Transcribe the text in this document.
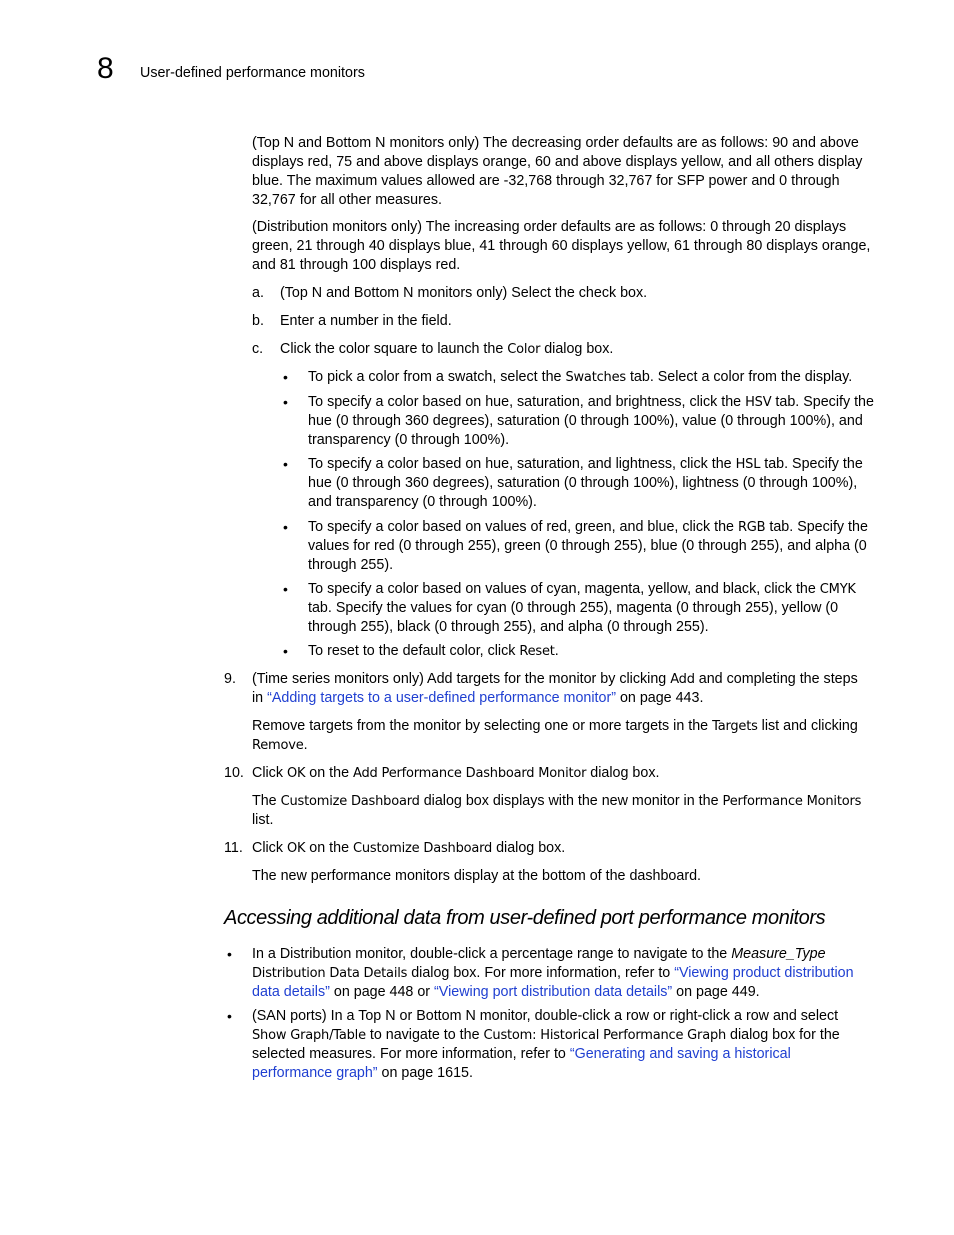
8 User-defined performance monitors
(Top N and Bottom N monitors only) The decreasing order defaults are as follows: 90 and above displays red, 75 and above displays orange, 60 and above displays yellow, and all others display blue. The maximum values allowed are -32,768 through 32,767 for SFP power and 0 through 32,767 for all other measures.
(Distribution monitors only) The increasing order defaults are as follows: 0 through 20 displays green, 21 through 40 displays blue, 41 through 60 displays yellow, 61 through 80 displays orange, and 81 through 100 displays red.
a.	(Top N and Bottom N monitors only) Select the check box.
b.	Enter a number in the field.
c.	Click the color square to launch the Color dialog box.
•	To pick a color from a swatch, select the Swatches tab. Select a color from the display.
•	To specify a color based on hue, saturation, and brightness, click the HSV tab. Specify the hue (0 through 360 degrees), saturation (0 through 100%), value (0 through 100%), and transparency (0 through 100%).
•	To specify a color based on hue, saturation, and lightness, click the HSL tab. Specify the hue (0 through 360 degrees), saturation (0 through 100%), lightness (0 through 100%), and transparency (0 through 100%).
•	To specify a color based on values of red, green, and blue, click the RGB tab. Specify the values for red (0 through 255), green (0 through 255), blue (0 through 255), and alpha (0 through 255).
•	To specify a color based on values of cyan, magenta, yellow, and black, click the CMYK tab. Specify the values for cyan (0 through 255), magenta (0 through 255), yellow (0 through 255), black (0 through 255), and alpha (0 through 255).
•	To reset to the default color, click Reset.
9.	(Time series monitors only) Add targets for the monitor by clicking Add and completing the steps in “Adding targets to a user-defined performance monitor” on page 443.
Remove targets from the monitor by selecting one or more targets in the Targets list and clicking Remove.
10. Click OK on the Add Performance Dashboard Monitor dialog box.
The Customize Dashboard dialog box displays with the new monitor in the Performance Monitors list.
11. Click OK on the Customize Dashboard dialog box.
The new performance monitors display at the bottom of the dashboard.
Accessing additional data from user-defined port performance monitors
•	In a Distribution monitor, double-click a percentage range to navigate to the Measure_Type
Distribution Data Details dialog box. For more information, refer to “Viewing product distribution data details” on page 448 or “Viewing port distribution data details” on page 449.
•	(SAN ports) In a Top N or Bottom N monitor, double-click a row or right-click a row and select Show Graph/Table to navigate to the Custom: Historical Performance Graph dialog box for the selected measures. For more information, refer to “Generating and saving a historical performance graph” on page 1615.
